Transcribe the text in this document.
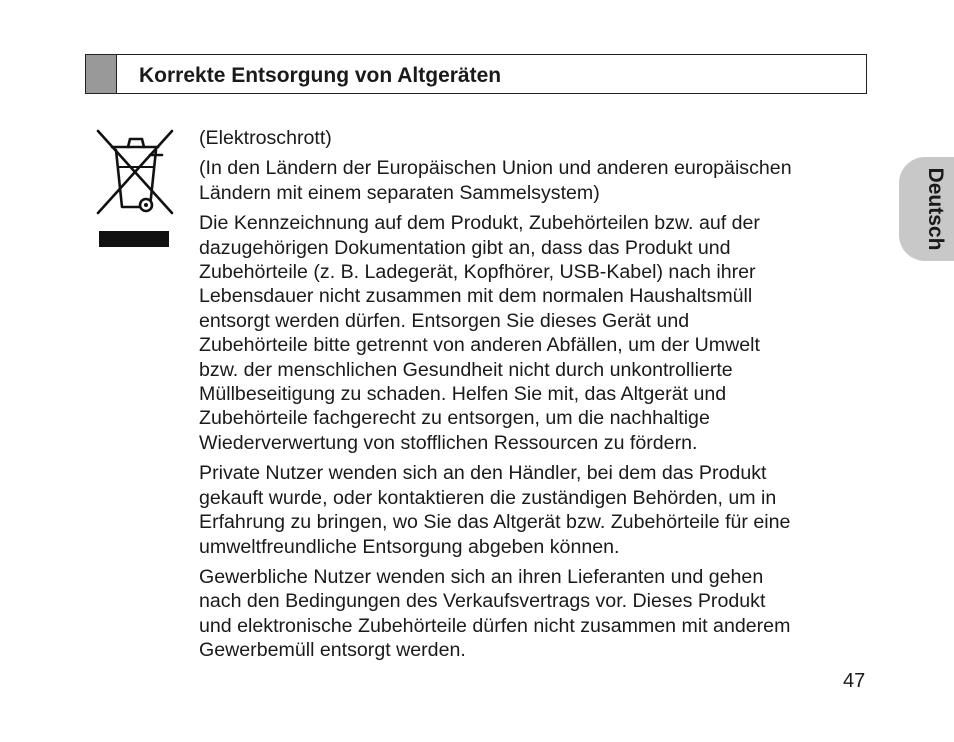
Korrekte Entsorgung von Altgeräten

(Elektroschrott)

(In den Ländern der Europäischen Union und anderen europäischen
Ländern mit einem separaten Sammelsystem)

Die Kennzeichnung auf dem Produkt, Zubehörteilen bzw. auf der
dazugehörigen Dokumentation gibt an, dass das Produkt und
Zubehörteile (z. B. Ladegerät, Kopfhörer, USB-Kabel) nach ihrer
Lebensdauer nicht zusammen mit dem normalen Haushaltsmüll
entsorgt werden dürfen. Entsorgen Sie dieses Gerät und
Zubehörteile bitte getrennt von anderen Abfällen, um der Umwelt
bzw. der menschlichen Gesundheit nicht durch unkontrollierte
Müllbeseitigung zu schaden. Helfen Sie mit, das Altgerät und
Zubehörteile fachgerecht zu entsorgen, um die nachhaltige
Wiederverwertung von stofflichen Ressourcen zu fördern.

Private Nutzer wenden sich an den Händler, bei dem das Produkt
gekauft wurde, oder kontaktieren die zuständigen Behörden, um in
Erfahrung zu bringen, wo Sie das Altgerät bzw. Zubehörteile für eine
umweltfreundliche Entsorgung abgeben können.

Gewerbliche Nutzer wenden sich an ihren Lieferanten und gehen
nach den Bedingungen des Verkaufsvertrags vor. Dieses Produkt
und elektronische Zubehörteile dürfen nicht zusammen mit anderem
Gewerbemüll entsorgt werden.

Deutsch
47
